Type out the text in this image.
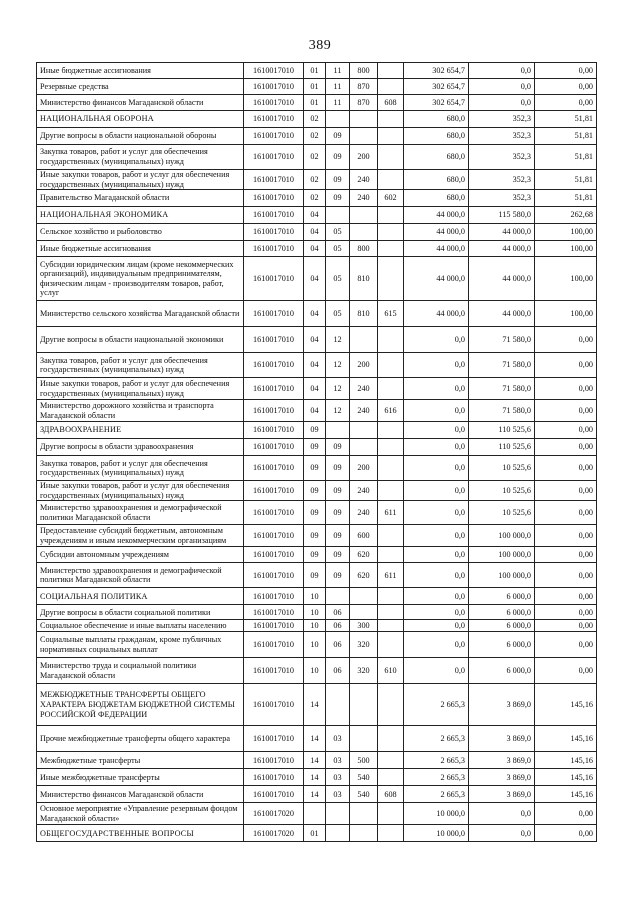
389
Иные бюджетные ассигнования	1610017010	01	11	800		302 654,7	0,0	0,00
Резервные средства	1610017010	01	11	870		302 654,7	0,0	0,00
Министерство финансов Магаданской области	1610017010	01	11	870	608	302 654,7	0,0	0,00
НАЦИОНАЛЬНАЯ ОБОРОНА	1610017010	02				680,0	352,3	51,81
Другие вопросы в области национальной обороны	1610017010	02	09			680,0	352,3	51,81
Закупка товаров, работ и услуг для обеспечения государственных (муниципальных) нужд	1610017010	02	09	200		680,0	352,3	51,81
Иные закупки товаров, работ и услуг для обеспечения государственных (муниципальных) нужд	1610017010	02	09	240		680,0	352,3	51,81
Правительство Магаданской области	1610017010	02	09	240	602	680,0	352,3	51,81
НАЦИОНАЛЬНАЯ ЭКОНОМИКА	1610017010	04				44 000,0	115 580,0	262,68
Сельское хозяйство и рыболовство	1610017010	04	05			44 000,0	44 000,0	100,00
Иные бюджетные ассигнования	1610017010	04	05	800		44 000,0	44 000,0	100,00
Субсидии юридическим лицам (кроме некоммерческих организаций), индивидуальным предпринимателям, физическим лицам - производителям товаров, работ, услуг	1610017010	04	05	810		44 000,0	44 000,0	100,00
Министерство сельского хозяйства Магаданской области	1610017010	04	05	810	615	44 000,0	44 000,0	100,00
Другие вопросы в области национальной экономики	1610017010	04	12			0,0	71 580,0	0,00
Закупка товаров, работ и услуг для обеспечения государственных (муниципальных) нужд	1610017010	04	12	200		0,0	71 580,0	0,00
Иные закупки товаров, работ и услуг для обеспечения государственных (муниципальных) нужд	1610017010	04	12	240		0,0	71 580,0	0,00
Министерство дорожного хозяйства и транспорта Магаданской области	1610017010	04	12	240	616	0,0	71 580,0	0,00
ЗДРАВООХРАНЕНИЕ	1610017010	09				0,0	110 525,6	0,00
Другие вопросы в области здравоохранения	1610017010	09	09			0,0	110 525,6	0,00
Закупка товаров, работ и услуг для обеспечения государственных (муниципальных) нужд	1610017010	09	09	200		0,0	10 525,6	0,00
Иные закупки товаров, работ и услуг для обеспечения государственных (муниципальных) нужд	1610017010	09	09	240		0,0	10 525,6	0,00
Министерство здравоохранения и демографической политики Магаданской области	1610017010	09	09	240	611	0,0	10 525,6	0,00
Предоставление субсидий бюджетным, автономным учреждениям и иным некоммерческим организациям	1610017010	09	09	600		0,0	100 000,0	0,00
Субсидии автономным учреждениям	1610017010	09	09	620		0,0	100 000,0	0,00
Министерство здравоохранения и демографической политики Магаданской области	1610017010	09	09	620	611	0,0	100 000,0	0,00
СОЦИАЛЬНАЯ ПОЛИТИКА	1610017010	10				0,0	6 000,0	0,00
Другие вопросы в области социальной политики	1610017010	10	06			0,0	6 000,0	0,00
Социальное обеспечение и иные выплаты населению	1610017010	10	06	300		0,0	6 000,0	0,00
Социальные выплаты гражданам, кроме публичных нормативных социальных выплат	1610017010	10	06	320		0,0	6 000,0	0,00
Министерство труда и социальной политики Магаданской области	1610017010	10	06	320	610	0,0	6 000,0	0,00
МЕЖБЮДЖЕТНЫЕ ТРАНСФЕРТЫ ОБЩЕГО ХАРАКТЕРА БЮДЖЕТАМ БЮДЖЕТНОЙ СИСТЕМЫ РОССИЙСКОЙ ФЕДЕРАЦИИ	1610017010	14				2 665,3	3 869,0	145,16
Прочие межбюджетные трансферты общего характера	1610017010	14	03			2 665,3	3 869,0	145,16
Межбюджетные трансферты	1610017010	14	03	500		2 665,3	3 869,0	145,16
Иные межбюджетные трансферты	1610017010	14	03	540		2 665,3	3 869,0	145,16
Министерство финансов Магаданской области	1610017010	14	03	540	608	2 665,3	3 869,0	145,16
Основное мероприятие «Управление резервным фондом Магаданской области»	1610017020					10 000,0	0,0	0,00
ОБЩЕГОСУДАРСТВЕННЫЕ ВОПРОСЫ	1610017020	01				10 000,0	0,0	0,00
